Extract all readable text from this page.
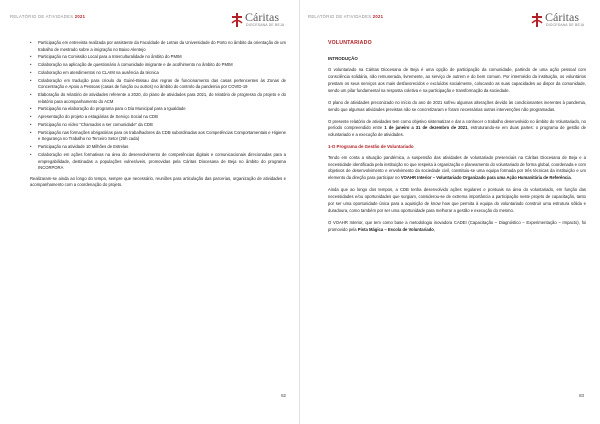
RELATÓRIO DE ATIVIDADES 2021	Cáritas
DIOCESANA DE BEJA
• Participação em entrevista realizada por assistente da Faculdade de Letras da Universidade do Porto no âmbito da orientação de um trabalho de mestrado sobre a imigração no Baixo Alentejo
• Participação na Comissão Local para a Interculturalidade no âmbito do PMIM
• Colaboração na aplicação de questionário à comunidade imigrante e de acolhimento no âmbito do PMIM
• Colaboração em atendimentos no CLAIM na ausência da técnica
• Colaboração em tradução para crioulo da Guiné-Bissau das regras de funcionamento das casas pertencentes às Zonas de Concentração e Apoio a Pessoas (casas de função ou outros) no âmbito do controlo da pandemia por COVID-19
• Elaboração do relatório de atividades referente a 2020, do plano de atividades para 2021, do relatório de progresso do projeto e do relatório para acompanhamento do ACM
• Participação na elaboração do programa para o Dia Municipal para a Igualdade
• Apresentação do projeto a estagiárias de Serviço Social na CDB
• Participação no vídeo “Chamados a ser comunidade” da CDB
• Participação nas formações obrigatórias para os trabalhadores da CDB subordinadas aos Competências Comportamentais e Higiene e Segurança no Trabalho no Terceiro Setor (25h cada)
• Participação na atividade 10 Milhões de Estrelas
• Colaboração em ações formativas na área do desenvolvimento de competências digitais e comunicacionais direcionadas para a empregabilidade, destinadas a populações vulneráveis, promovidas pela Cáritas Diocesana de Beja no âmbito do programa INCORPORA

Realizaram-se ainda ao longo do tempo, sempre que necessário, reuniões para articulação das parcerias, organização de atividades e acompanhamento com a coordenação do projeto.

82
RELATÓRIO DE ATIVIDADES 2021	Cáritas
DIOCESANA DE BEJA
VOLUNTARIADO
INTRODUÇÃO

O voluntariado na Cáritas Diocesana de Beja é uma opção de participação da comunidade, partindo de uma ação pessoal com consciência solidária, não remunerada, livremente, ao serviço de outrem e do bem comum. Por intermédio da instituição, os voluntários prestam os seus serviços aos mais desfavorecidos e excluídos socialmente, colocando as suas capacidades ao dispor da comunidade, sendo um pilar fundamental na resposta coletiva e na participação e transformação da sociedade.

O plano de atividades preconizado no início do ano de 2021 sofreu algumas alterações devido às condicionantes inerentes à pandemia, sendo que algumas atividades previstas não se concretizaram e foram necessárias outras intervenções não programadas.

O presente relatório de atividades tem como objetivo sistematizar e dar a conhecer o trabalho desenvolvido no âmbito do Voluntariado, no período compreendido entre 1 de janeiro a 31 de dezembro de 2021, estruturando-se em duas partes: o programa de gestão de voluntariado e a execução de atividades.

1-O Programa de Gestão de Voluntariado

Tendo em conta a situação pandémica, a suspensão das atividades de voluntariado presenciais na Cáritas Diocesana de Beja e a necessidade identificada pela instituição no que respeita à organização e planeamento do voluntariado de forma global, coordenada e com objetivos de desenvolvimento e envolvimento da sociedade civil, constituiu-se uma equipa formada por três técnicas da instituição e um elemento da direção para participar no VOAHR Interior – Voluntariado Organizado para uma Ação Humanitária de Referência.

Ainda que ao longo dos tempos, a CDB tenha desenvolvido ações regulares e pontuais na área do voluntariado, em função das necessidades e/ou oportunidades que surgiam, considerou-se de extrema importância a participação neste projeto de capacitação, tanto por ser uma oportunidade única para a aquisição de know how que permita à equipa do voluntariado construir uma estrutura sólida e duradoura, como também por ser uma oportunidade para melhorar a gestão e execução do mesmo.

O VOAHR Interior, que tem como base a metodologia inovadora CADEI (Capacitação – Diagnóstico – Experimentação – Impacto), foi promovido pela Pista Mágica – Escola de Voluntariado,

83
